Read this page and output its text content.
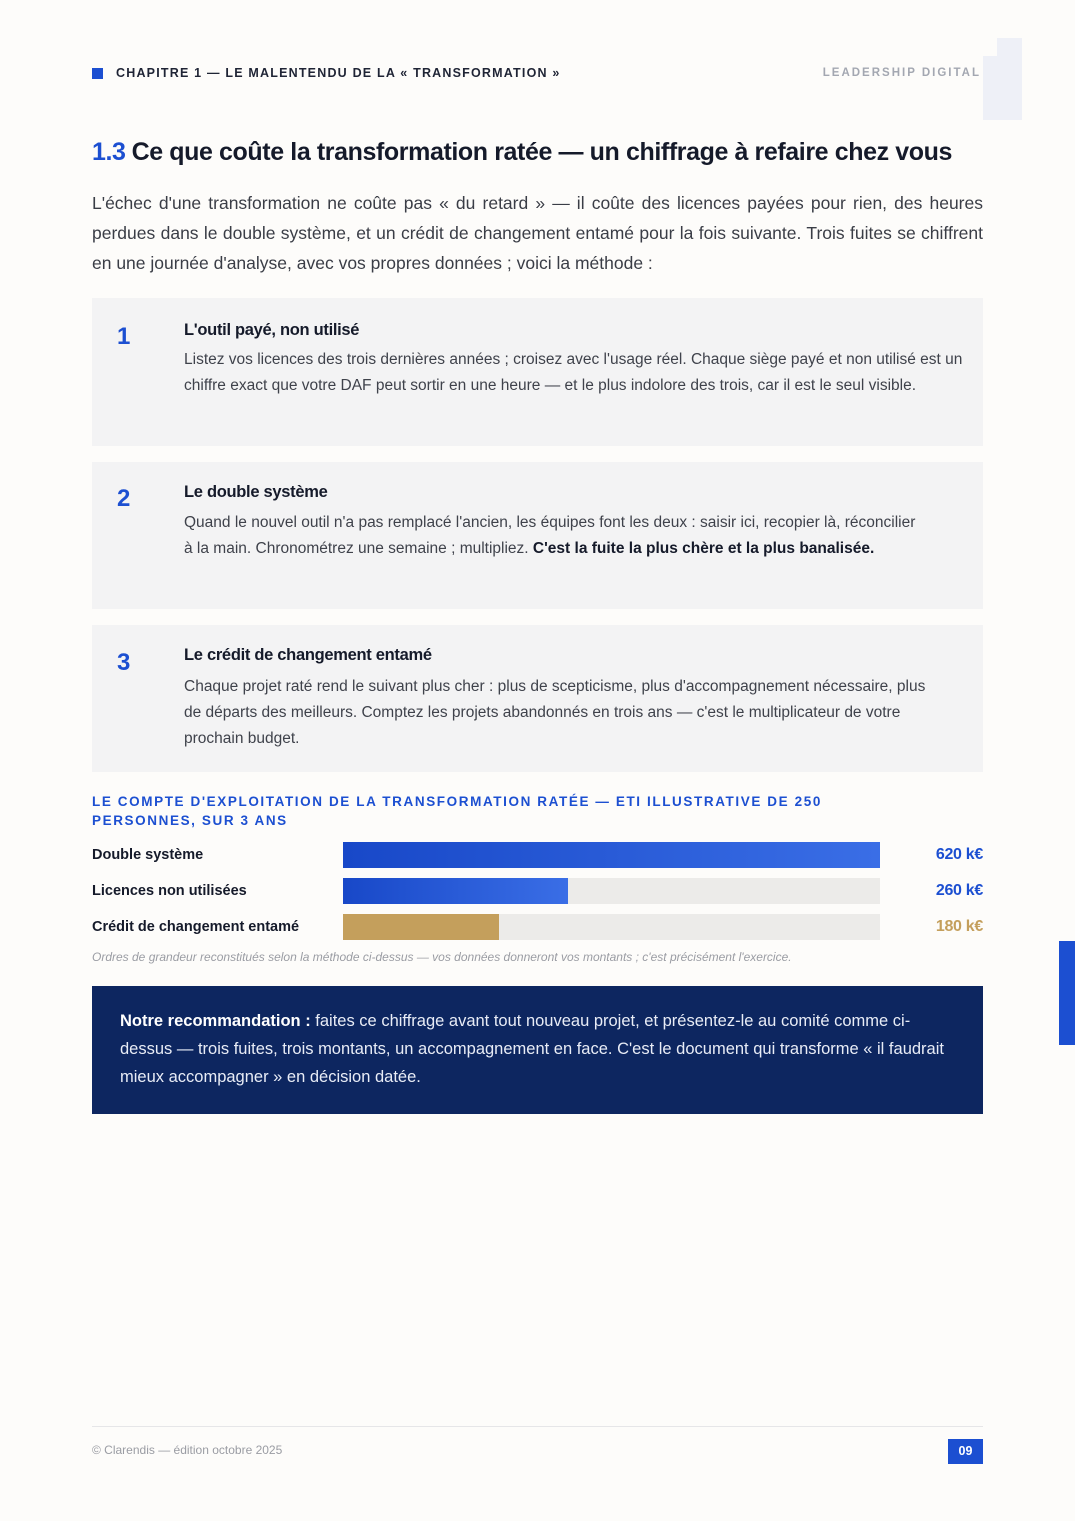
CHAPITRE 1 — LE MALENTENDU DE LA « TRANSFORMATION »	LEADERSHIP DIGITAL
1.3 Ce que coûte la transformation ratée — un chiffrage à refaire chez vous
L'échec d'une transformation ne coûte pas « du retard » — il coûte des licences payées pour rien, des heures perdues dans le double système, et un crédit de changement entamé pour la fois suivante. Trois fuites se chiffrent en une journée d'analyse, avec vos propres données ; voici la méthode :
1	L'outil payé, non utilisé
Listez vos licences des trois dernières années ; croisez avec l'usage réel. Chaque siège payé et non utilisé est un chiffre exact que votre DAF peut sortir en une heure — et le plus indolore des trois, car il est le seul visible.
2	Le double système
Quand le nouvel outil n'a pas remplacé l'ancien, les équipes font les deux : saisir ici, recopier là, réconcilier à la main. Chronométrez une semaine ; multipliez. C'est la fuite la plus chère et la plus banalisée.
3	Le crédit de changement entamé
Chaque projet raté rend le suivant plus cher : plus de scepticisme, plus d'accompagnement nécessaire, plus de départs des meilleurs. Comptez les projets abandonnés en trois ans — c'est le multiplicateur de votre prochain budget.
LE COMPTE D'EXPLOITATION DE LA TRANSFORMATION RATÉE — ETI ILLUSTRATIVE DE 250 PERSONNES, SUR 3 ANS
Double système	620 k€
Licences non utilisées	260 k€
Crédit de changement entamé	180 k€
Ordres de grandeur reconstitués selon la méthode ci-dessus — vos données donneront vos montants ; c'est précisément l'exercice.
Notre recommandation : faites ce chiffrage avant tout nouveau projet, et présentez-le au comité comme ci-dessus — trois fuites, trois montants, un accompagnement en face. C'est le document qui transforme « il faudrait mieux accompagner » en décision datée.
© Clarendis — édition octobre 2025	09
